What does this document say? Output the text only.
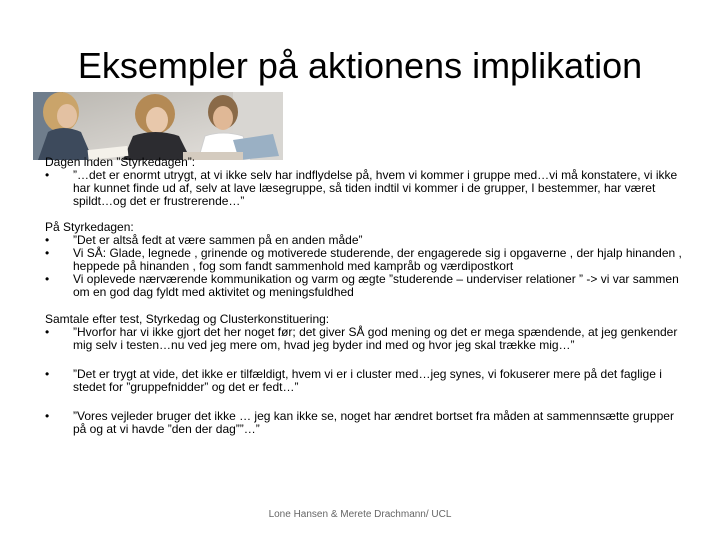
Eksempler på aktionens implikation
Dagen inden ”Styrkedagen”:
•	”…det er enormt utrygt, at vi ikke selv har indflydelse på, hvem vi kommer i gruppe med…vi må konstatere, vi ikke har kunnet finde ud af, selv at lave læsegruppe, så tiden indtil vi kommer i de grupper, I bestemmer, har været spildt…og det er frustrerende…”
På Styrkedagen:
•	”Det er altså fedt at være sammen på en anden måde”
•	Vi SÅ: Glade, legnede , grinende og motiverede studerende, der engagerede sig i opgaverne , der hjalp hinanden , heppede på hinanden , fog som fandt sammenhold med kampråb og værdipostkort
•	Vi oplevede nærværende kommunikation og varm og ægte ”studerende – underviser relationer ” -> vi var sammen om en god dag fyldt med aktivitet og meningsfuldhed
Samtale efter test, Styrkedag og Clusterkonstituering:
•	”Hvorfor har vi ikke gjort det her noget før; det giver SÅ god mening og det er mega spændende, at jeg genkender mig selv i testen…nu ved jeg mere om, hvad jeg byder ind med og hvor jeg skal trække mig…”
•	”Det er trygt at vide, det ikke er tilfældigt, hvem vi er i cluster med…jeg synes, vi fokuserer mere på det faglige i stedet for ”gruppefnidder” og det er fedt…”
•	”Vores vejleder bruger det ikke … jeg kan ikke se, noget har ændret bortset fra måden at sammennsætte grupper på og at vi havde ”den der dag””…”
Lone Hansen & Merete Drachmann/ UCL
